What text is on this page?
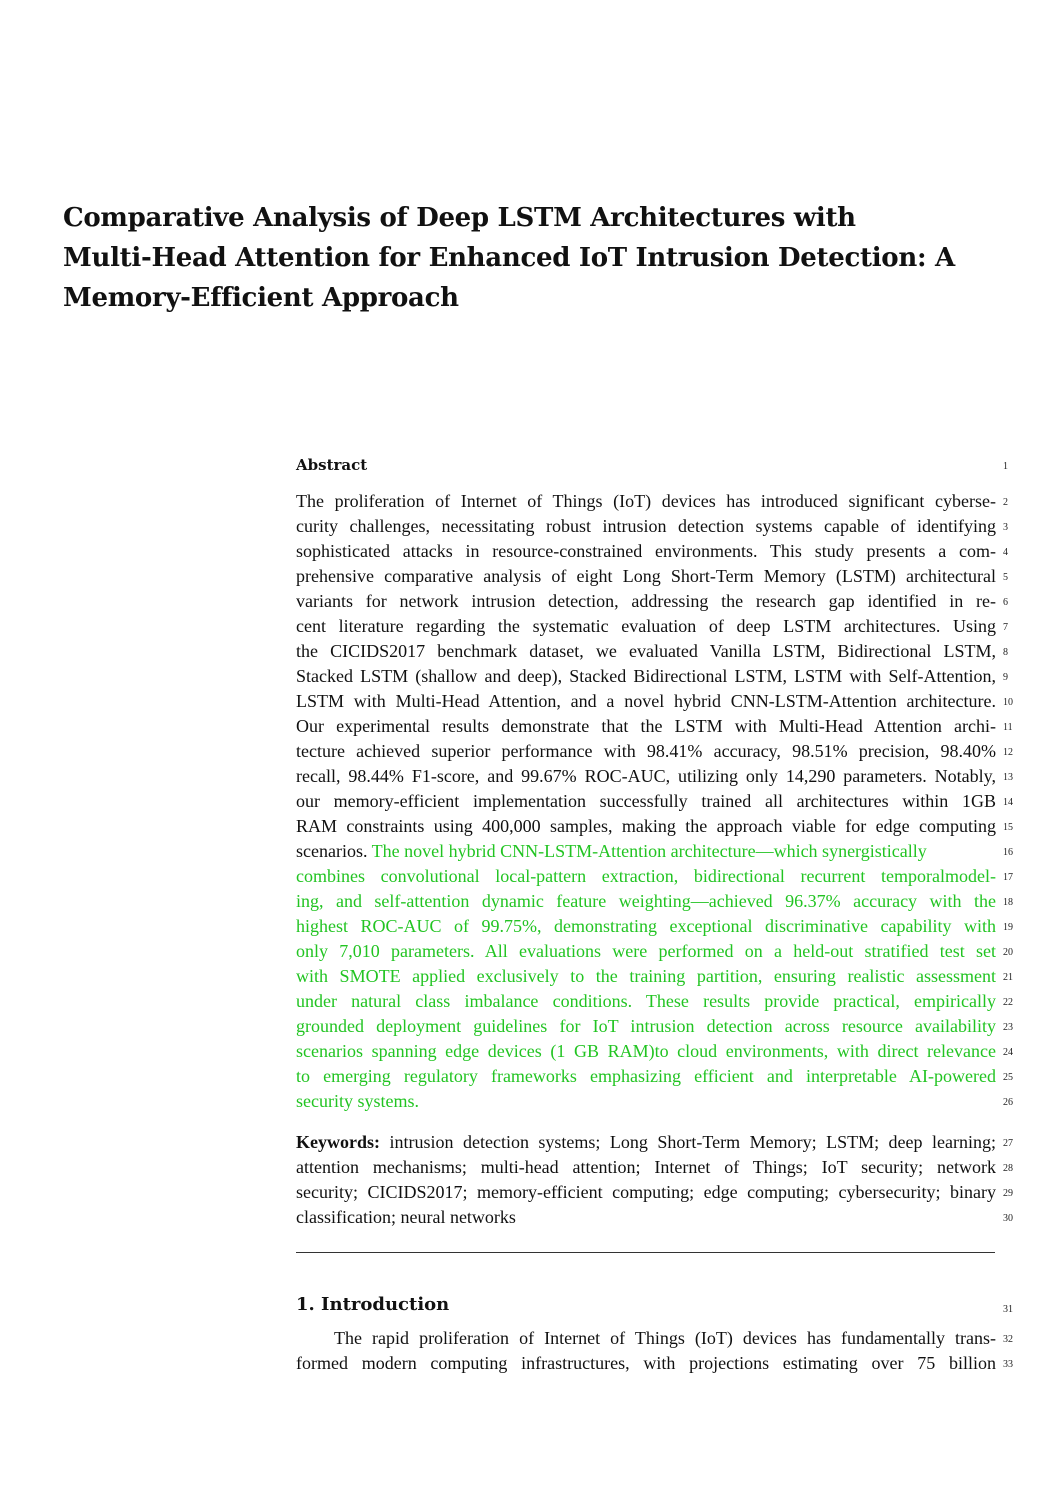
Comparative Analysis of Deep LSTM Architectures with
Multi-Head Attention for Enhanced IoT Intrusion Detection: A
Memory-Efficient Approach
Abstract
The proliferation of Internet of Things (IoT) devices has introduced significant cyberse-
curity challenges, necessitating robust intrusion detection systems capable of identifying
sophisticated attacks in resource-constrained environments. This study presents a com-
prehensive comparative analysis of eight Long Short-Term Memory (LSTM) architectural
variants for network intrusion detection, addressing the research gap identified in re-
cent literature regarding the systematic evaluation of deep LSTM architectures. Using
the CICIDS2017 benchmark dataset, we evaluated Vanilla LSTM, Bidirectional LSTM,
Stacked LSTM (shallow and deep), Stacked Bidirectional LSTM, LSTM with Self-Attention,
LSTM with Multi-Head Attention, and a novel hybrid CNN-LSTM-Attention architecture.
Our experimental results demonstrate that the LSTM with Multi-Head Attention archi-
tecture achieved superior performance with 98.41% accuracy, 98.51% precision, 98.40%
recall, 98.44% F1-score, and 99.67% ROC-AUC, utilizing only 14,290 parameters. Notably,
our memory-efficient implementation successfully trained all architectures within 1GB
RAM constraints using 400,000 samples, making the approach viable for edge computing
scenarios. The novel hybrid CNN-LSTM-Attention architecture—which synergistically
combines convolutional local-pattern extraction, bidirectional recurrent temporalmodel-
ing, and self-attention dynamic feature weighting—achieved 96.37% accuracy with the
highest ROC-AUC of 99.75%, demonstrating exceptional discriminative capability with
only 7,010 parameters. All evaluations were performed on a held-out stratified test set
with SMOTE applied exclusively to the training partition, ensuring realistic assessment
under natural class imbalance conditions. These results provide practical, empirically
grounded deployment guidelines for IoT intrusion detection across resource availability
scenarios spanning edge devices (1 GB RAM)to cloud environments, with direct relevance
to emerging regulatory frameworks emphasizing efficient and interpretable AI-powered
security systems.
Keywords: intrusion detection systems; Long Short-Term Memory; LSTM; deep learning;
attention mechanisms; multi-head attention; Internet of Things; IoT security; network
security; CICIDS2017; memory-efficient computing; edge computing; cybersecurity; binary
classification; neural networks
1. Introduction
The rapid proliferation of Internet of Things (IoT) devices has fundamentally trans-
formed modern computing infrastructures, with projections estimating over 75 billion
1
2
3
4
5
6
7
8
9
10
11
12
13
14
15
16
17
18
19
20
21
22
23
24
25
26
27
28
29
30
31
32
33
